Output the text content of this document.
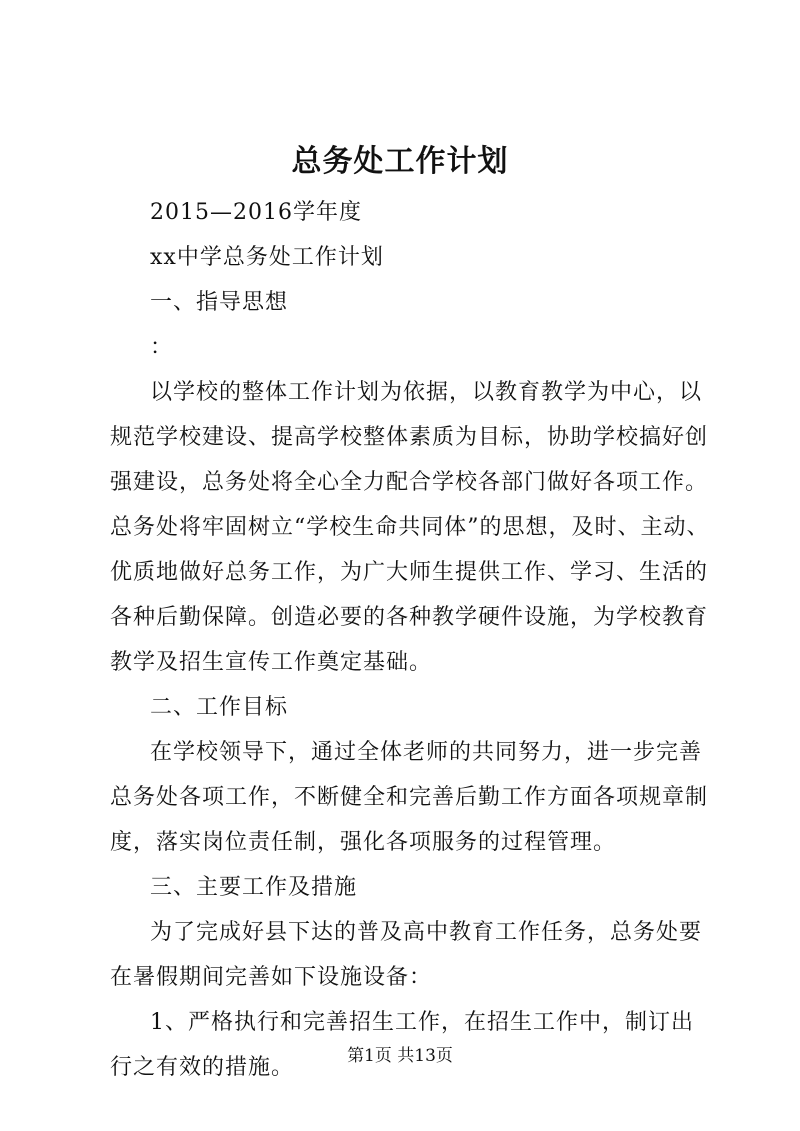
总务处工作计划

2015—2016学年度

xx中学总务处工作计划

一、指导思想

：

以学校的整体工作计划为依据，以教育教学为中心，以规范学校建设、提高学校整体素质为目标，协助学校搞好创强建设，总务处将全心全力配合学校各部门做好各项工作。总务处将牢固树立“学校生命共同体”的思想，及时、主动、优质地做好总务工作，为广大师生提供工作、学习、生活的各种后勤保障。创造必要的各种教学硬件设施，为学校教育教学及招生宣传工作奠定基础。

二、工作目标

在学校领导下，通过全体老师的共同努力，进一步完善总务处各项工作，不断健全和完善后勤工作方面各项规章制度，落实岗位责任制，强化各项服务的过程管理。

三、主要工作及措施

为了完成好县下达的普及高中教育工作任务，总务处要在暑假期间完善如下设施设备：

1、严格执行和完善招生工作，在招生工作中，制订出行之有效的措施。	第1页 共13页
